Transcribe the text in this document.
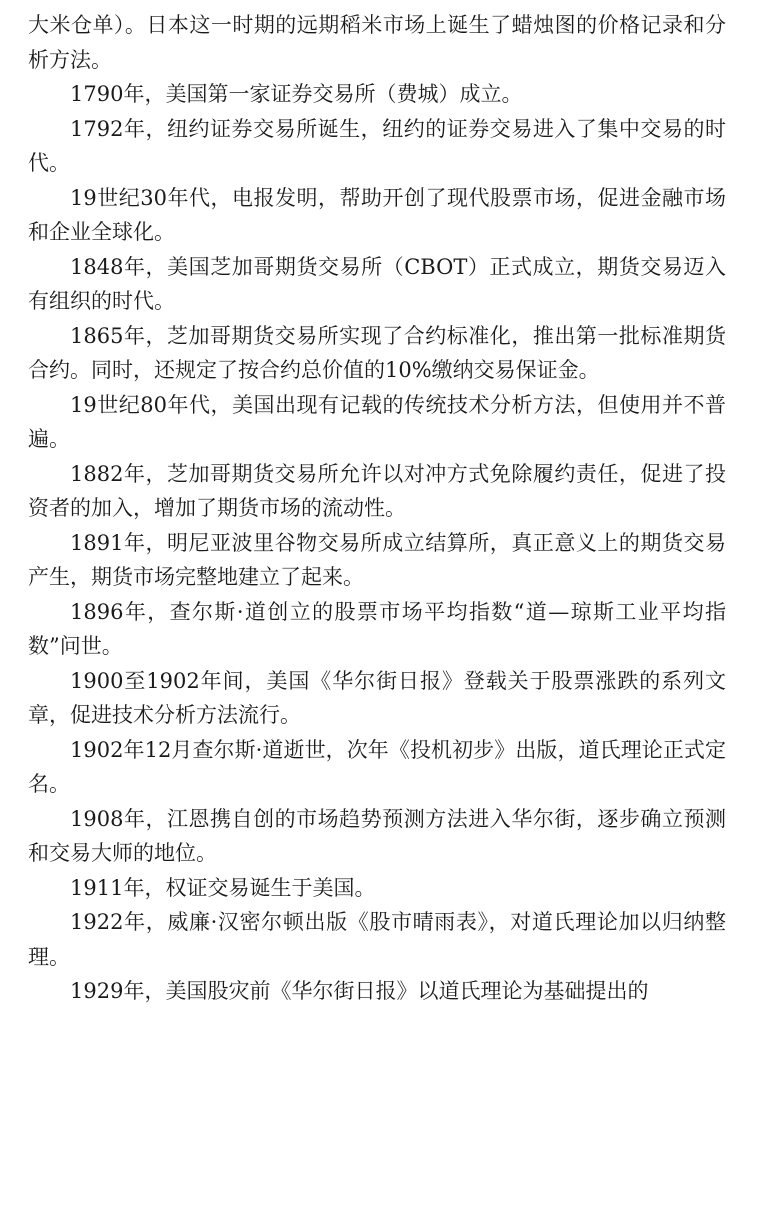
大米仓单）。日本这一时期的远期稻米市场上诞生了蜡烛图的价格记录和分析方法。

1790年，美国第一家证券交易所（费城）成立。

1792年，纽约证券交易所诞生，纽约的证券交易进入了集中交易的时代。

19世纪30年代，电报发明，帮助开创了现代股票市场，促进金融市场和企业全球化。

1848年，美国芝加哥期货交易所（CBOT）正式成立，期货交易迈入有组织的时代。

1865年，芝加哥期货交易所实现了合约标准化，推出第一批标准期货合约。同时，还规定了按合约总价值的10%缴纳交易保证金。

19世纪80年代，美国出现有记载的传统技术分析方法，但使用并不普遍。

1882年，芝加哥期货交易所允许以对冲方式免除履约责任，促进了投资者的加入，增加了期货市场的流动性。

1891年，明尼亚波里谷物交易所成立结算所，真正意义上的期货交易产生，期货市场完整地建立了起来。

1896年，查尔斯·道创立的股票市场平均指数“道—琼斯工业平均指数”问世。

1900至1902年间，美国《华尔街日报》登载关于股票涨跌的系列文章，促进技术分析方法流行。

1902年12月查尔斯·道逝世，次年《投机初步》出版，道氏理论正式定名。

1908年，江恩携自创的市场趋势预测方法进入华尔街，逐步确立预测和交易大师的地位。

1911年，权证交易诞生于美国。

1922年，威廉·汉密尔顿出版《股市晴雨表》，对道氏理论加以归纳整理。

1929年，美国股灾前《华尔街日报》以道氏理论为基础提出的
